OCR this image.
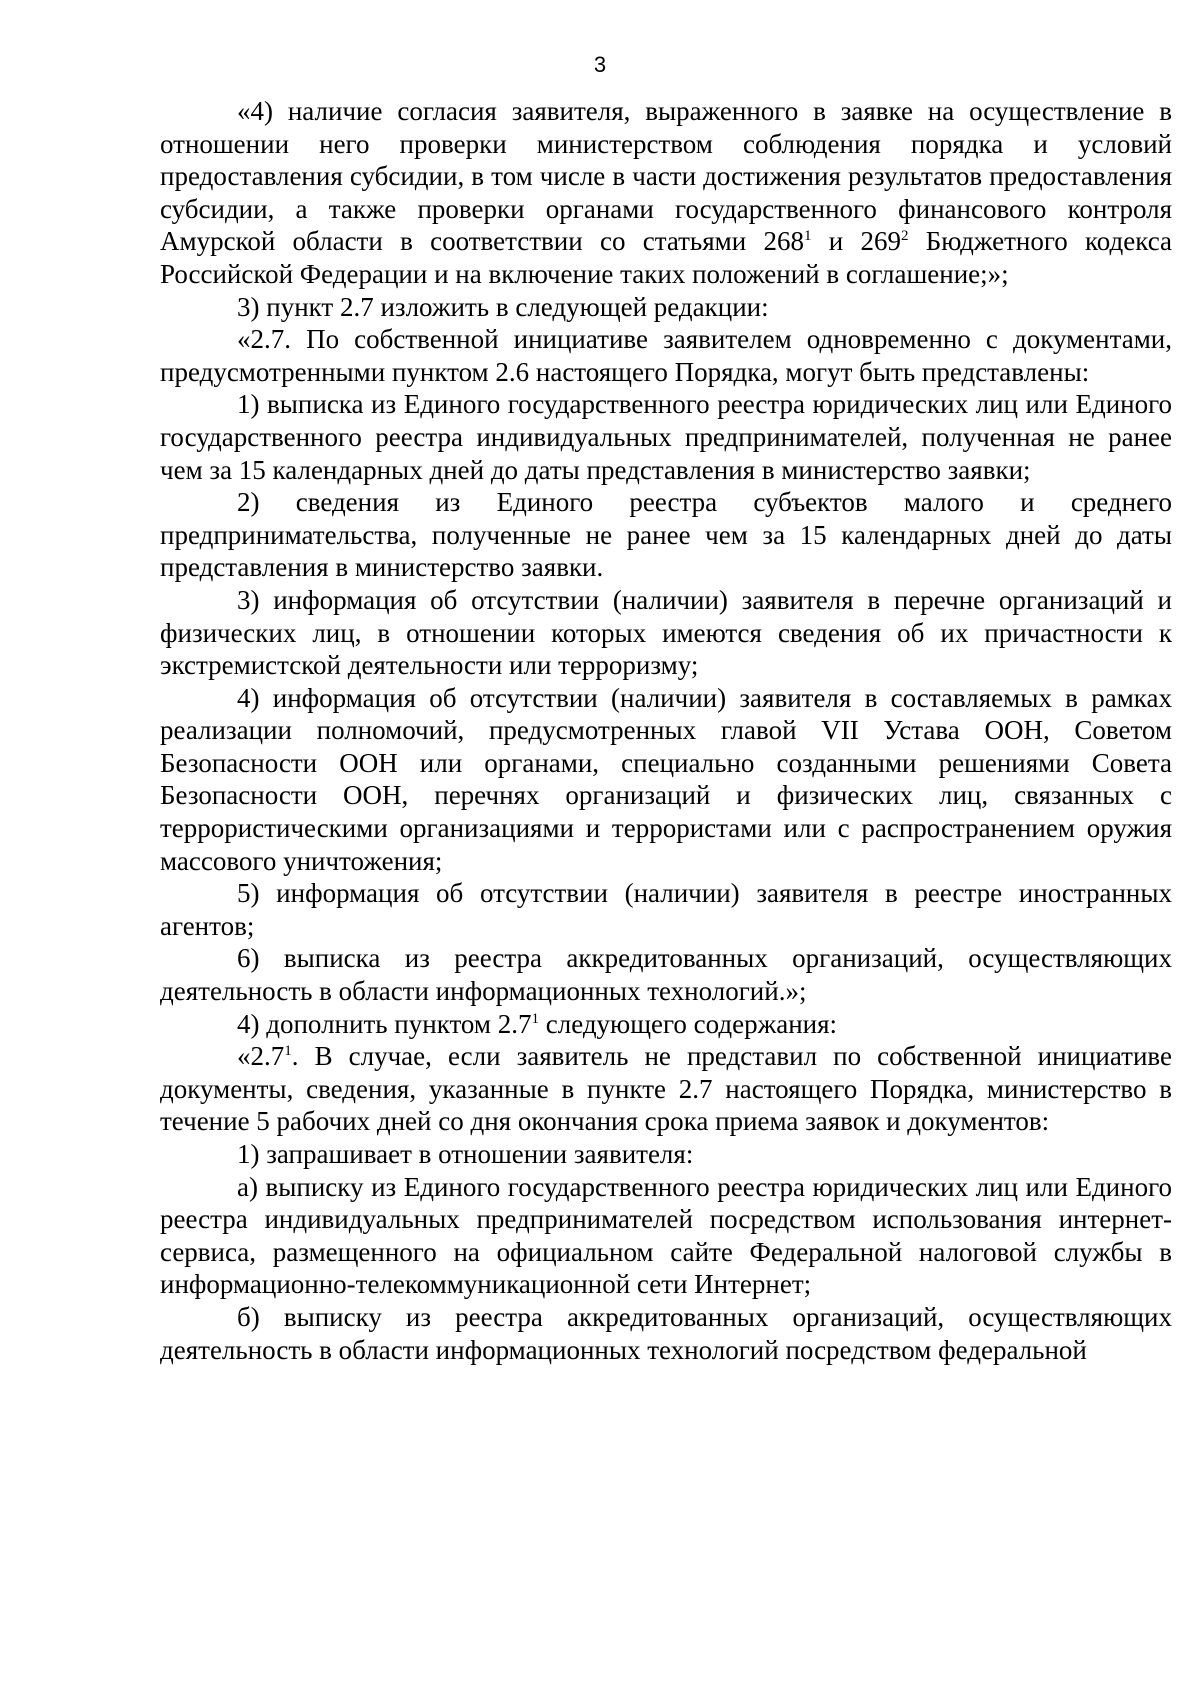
3

«4) наличие согласия заявителя, выраженного в заявке на осуществление в отношении него проверки министерством соблюдения порядка и условий предоставления субсидии, в том числе в части достижения результатов предоставления субсидии, а также проверки органами государственного финансового контроля Амурской области в соответствии со статьями $268^1$ и $269^2$ Бюджетного кодекса Российской Федерации и на включение таких положений в соглашение;»;

3) пункт 2.7 изложить в следующей редакции:

«2.7. По собственной инициативе заявителем одновременно с документами, предусмотренными пунктом 2.6 настоящего Порядка, могут быть представлены:

1) выписка из Единого государственного реестра юридических лиц или Единого государственного реестра индивидуальных предпринимателей, полученная не ранее чем за 15 календарных дней до даты представления в министерство заявки;

2) сведения из Единого реестра субъектов малого и среднего предпринимательства, полученные не ранее чем за 15 календарных дней до даты представления в министерство заявки.

3) информация об отсутствии (наличии) заявителя в перечне организаций и физических лиц, в отношении которых имеются сведения об их причастности к экстремистской деятельности или терроризму;

4) информация об отсутствии (наличии) заявителя в составляемых в рамках реализации полномочий, предусмотренных главой VII Устава ООН, Советом Безопасности ООН или органами, специально созданными решениями Совета Безопасности ООН, перечнях организаций и физических лиц, связанных с террористическими организациями и террористами или с распространением оружия массового уничтожения;

5) информация об отсутствии (наличии) заявителя в реестре иностранных агентов;

6) выписка из реестра аккредитованных организаций, осуществляющих деятельность в области информационных технологий.»;

4) дополнить пунктом $2.7^1$ следующего содержания:

«$2.7^1$. В случае, если заявитель не представил по собственной инициативе документы, сведения, указанные в пункте 2.7 настоящего Порядка, министерство в течение 5 рабочих дней со дня окончания срока приема заявок и документов:

1) запрашивает в отношении заявителя:

а) выписку из Единого государственного реестра юридических лиц или Единого реестра индивидуальных предпринимателей посредством использования интернет-сервиса, размещенного на официальном сайте Федеральной налоговой службы в информационно-телекоммуникационной сети Интернет;

б) выписку из реестра аккредитованных организаций, осуществляющих деятельность в области информационных технологий посредством федеральной
